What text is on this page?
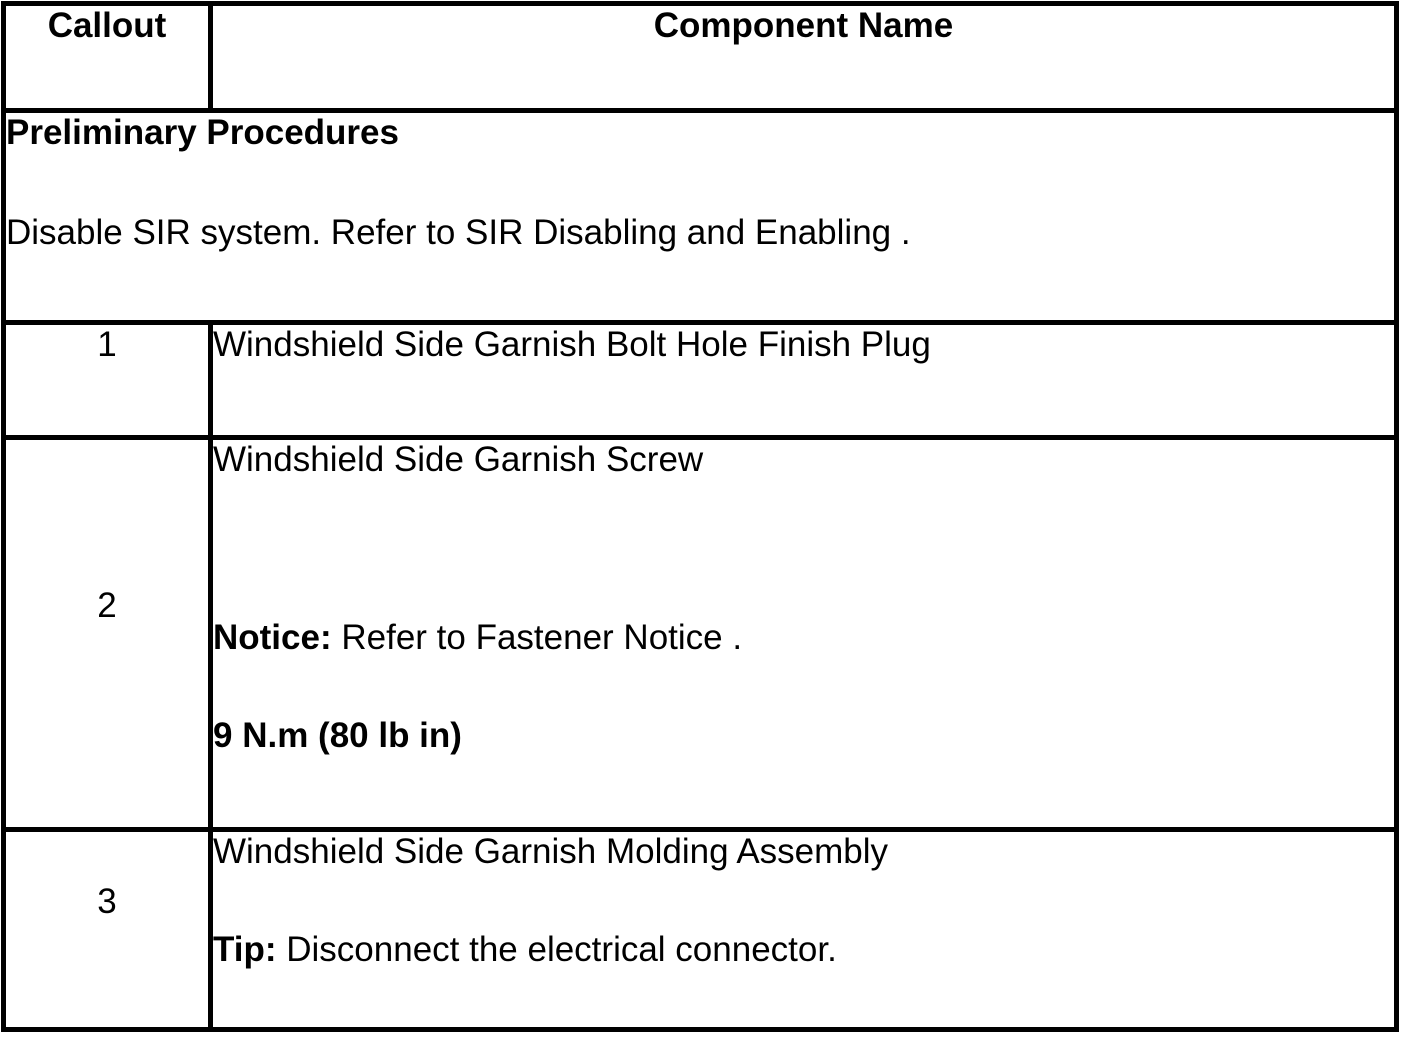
Callout	Component Name

Preliminary Procedures

Disable SIR system. Refer to SIR Disabling and Enabling .	

1	Windshield Side Garnish Bolt Hole Finish Plug

2	Windshield Side Garnish Screw

Notice: Refer to Fastener Notice .

9 N.m (80 lb in)

3	Windshield Side Garnish Molding Assembly

Tip: Disconnect the electrical connector.
